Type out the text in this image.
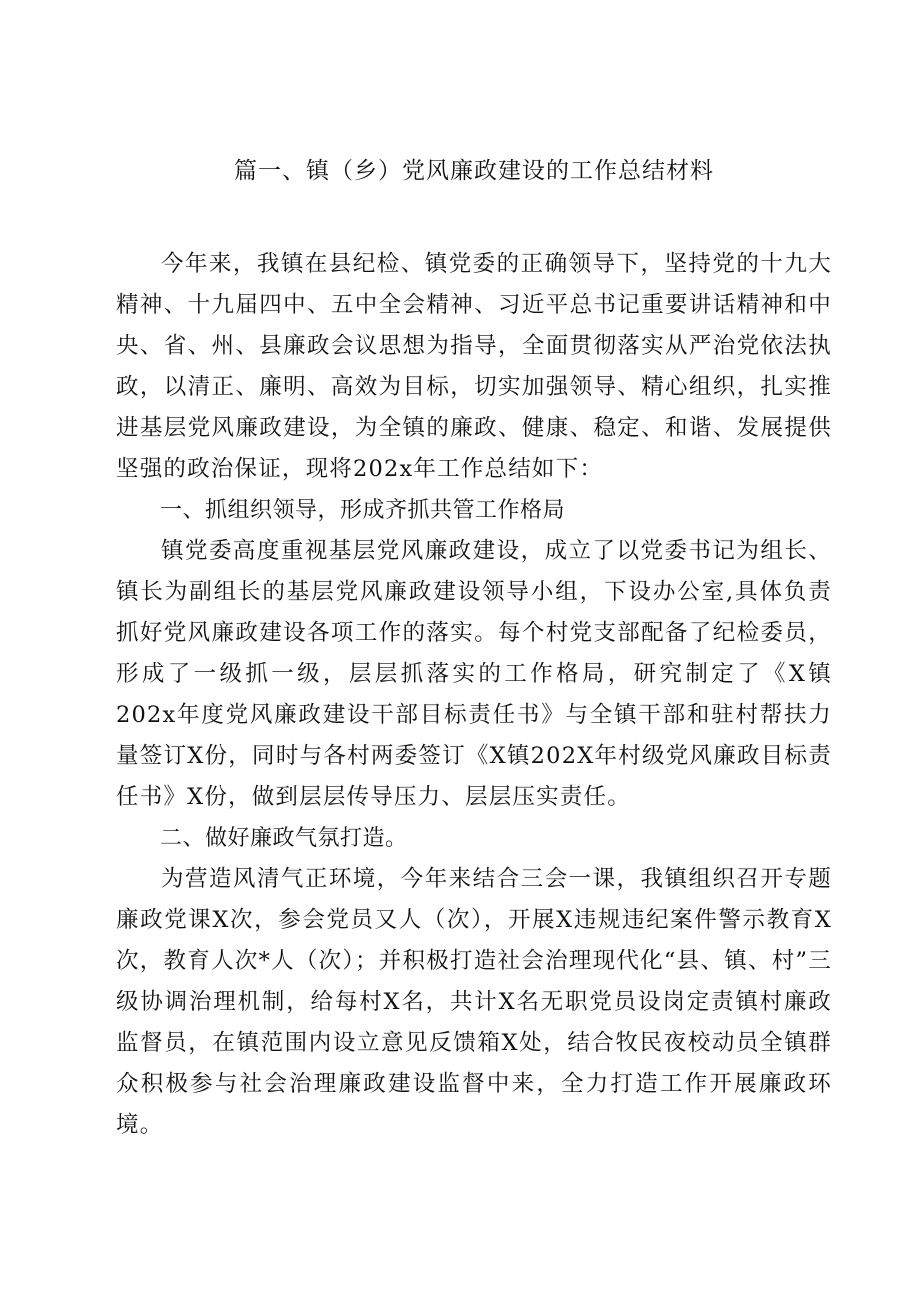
篇一、镇（乡）党风廉政建设的工作总结材料

今年来，我镇在县纪检、镇党委的正确领导下，坚持党的十九大精神、十九届四中、五中全会精神、习近平总书记重要讲话精神和中央、省、州、县廉政会议思想为指导，全面贯彻落实从严治党依法执政，以清正、廉明、高效为目标，切实加强领导、精心组织，扎实推进基层党风廉政建设，为全镇的廉政、健康、稳定、和谐、发展提供坚强的政治保证，现将202x年工作总结如下：

一、抓组织领导，形成齐抓共管工作格局

镇党委高度重视基层党风廉政建设，成立了以党委书记为组长、镇长为副组长的基层党风廉政建设领导小组，下设办公室,具体负责抓好党风廉政建设各项工作的落实。每个村党支部配备了纪检委员，形成了一级抓一级，层层抓落实的工作格局，研究制定了《X镇202x年度党风廉政建设干部目标责任书》与全镇干部和驻村帮扶力量签订X份，同时与各村两委签订《X镇202X年村级党风廉政目标责任书》X份，做到层层传导压力、层层压实责任。

二、做好廉政气氛打造。

为营造风清气正环境，今年来结合三会一课，我镇组织召开专题廉政党课X次，参会党员又人（次），开展X违规违纪案件警示教育X次，教育人次*人（次）；并积极打造社会治理现代化“县、镇、村”三级协调治理机制，给每村X名，共计X名无职党员设岗定责镇村廉政监督员，在镇范围内设立意见反馈箱X处，结合牧民夜校动员全镇群众积极参与社会治理廉政建设监督中来，全力打造工作开展廉政环境。
